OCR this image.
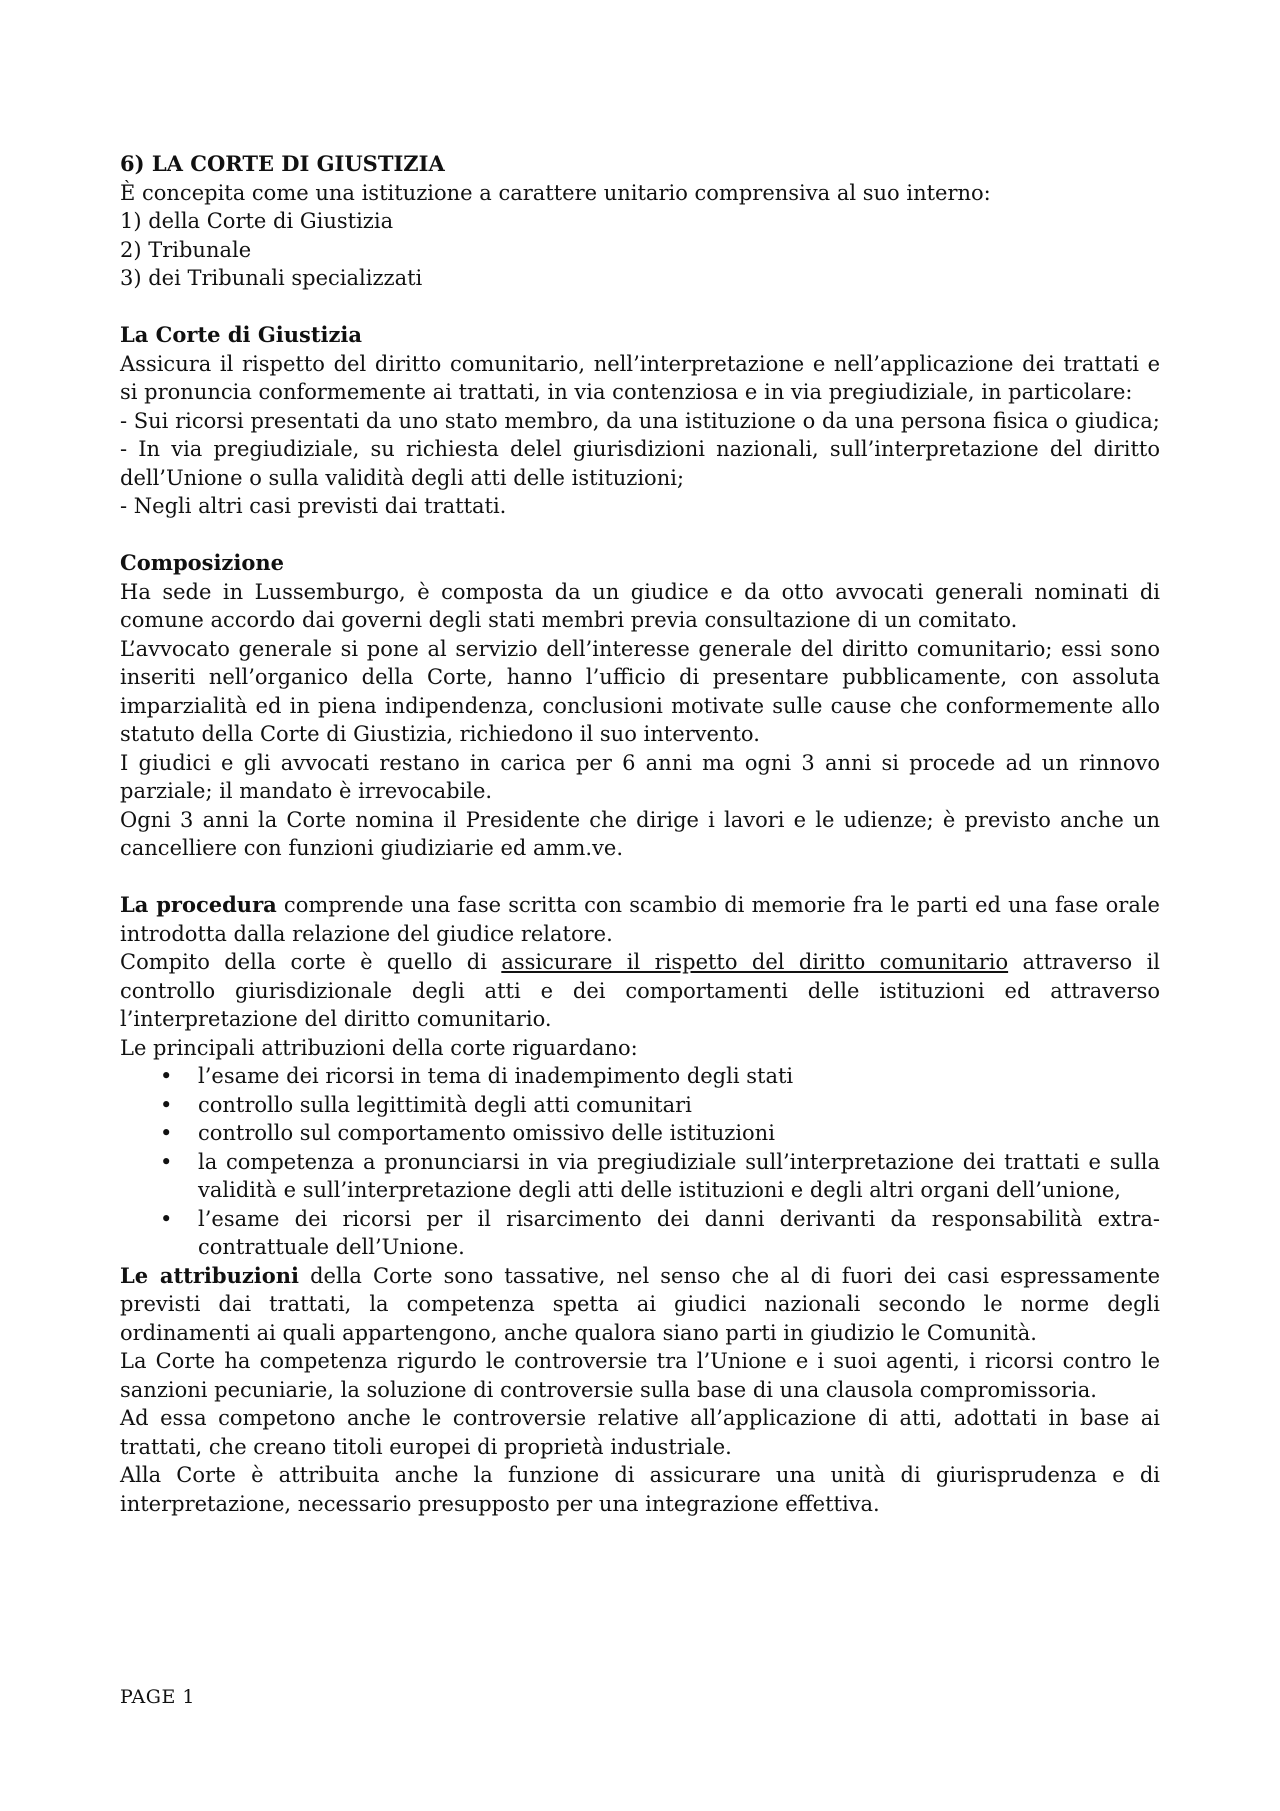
6) LA CORTE DI GIUSTIZIA

È concepita come una istituzione a carattere unitario comprensiva al suo interno:

1) della Corte di Giustizia

2) Tribunale

3) dei Tribunali specializzati

La Corte di Giustizia

Assicura il rispetto del diritto comunitario, nell’interpretazione e nell’applicazione dei trattati e si pronuncia conformemente ai trattati, in via contenziosa e in via pregiudiziale, in particolare:

- Sui ricorsi presentati da uno stato membro, da una istituzione o da una persona fisica o giudica;

- In via pregiudiziale, su richiesta delel giurisdizioni nazionali, sull’interpretazione del diritto dell’Unione o sulla validità degli atti delle istituzioni;

- Negli altri casi previsti dai trattati.

Composizione

Ha sede in Lussemburgo, è composta da un giudice e da otto avvocati generali nominati di comune accordo dai governi degli stati membri previa consultazione di un comitato.

L’avvocato generale si pone al servizio dell’interesse generale del diritto comunitario; essi sono inseriti nell’organico della Corte, hanno l’ufficio di presentare pubblicamente, con assoluta imparzialità ed in piena indipendenza, conclusioni motivate sulle cause che conformemente allo statuto della Corte di Giustizia, richiedono il suo intervento.

I giudici e gli avvocati restano in carica per 6 anni ma ogni 3 anni si procede ad un rinnovo parziale; il mandato è irrevocabile.

Ogni 3 anni la Corte nomina il Presidente che dirige i lavori e le udienze; è previsto anche un cancelliere con funzioni giudiziarie ed amm.ve.

La procedura comprende una fase scritta con scambio di memorie fra le parti ed una fase orale introdotta dalla relazione del giudice relatore.

Compito della corte è quello di assicurare il rispetto del diritto comunitario attraverso il controllo giurisdizionale degli atti e dei comportamenti delle istituzioni ed attraverso l’interpretazione del diritto comunitario.

Le principali attribuzioni della corte riguardano:

• l’esame dei ricorsi in tema di inadempimento degli stati
• controllo sulla legittimità degli atti comunitari
• controllo sul comportamento omissivo delle istituzioni
• la competenza a pronunciarsi in via pregiudiziale sull’interpretazione dei trattati e sulla validità e sull’interpretazione degli atti delle istituzioni e degli altri organi dell’unione,
• l’esame dei ricorsi per il risarcimento dei danni derivanti da responsabilità extra-contrattuale dell’Unione.

Le attribuzioni della Corte sono tassative, nel senso che al di fuori dei casi espressamente previsti dai trattati, la competenza spetta ai giudici nazionali secondo le norme degli ordinamenti ai quali appartengono, anche qualora siano parti in giudizio le Comunità.

La Corte ha competenza rigurdo le controversie tra l’Unione e i suoi agenti, i ricorsi contro le sanzioni pecuniarie, la soluzione di controversie sulla base di una clausola compromissoria.

Ad essa competono anche le controversie relative all’applicazione di atti, adottati in base ai trattati, che creano titoli europei di proprietà industriale.

Alla Corte è attribuita anche la funzione di assicurare una unità di giurisprudenza e di interpretazione, necessario presupposto per una integrazione effettiva.

PAGE 1
